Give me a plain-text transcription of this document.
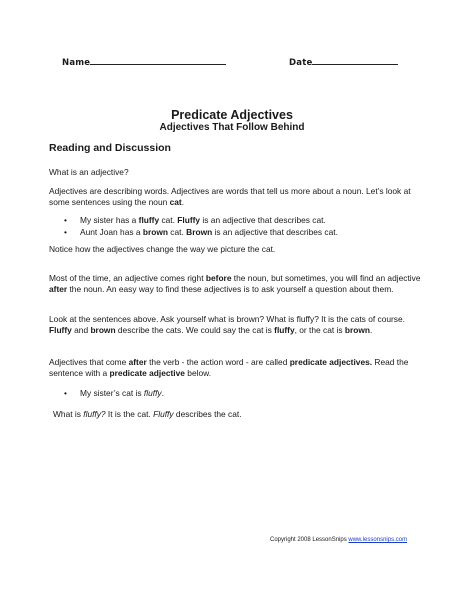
Name	Date
Predicate Adjectives
Adjectives That Follow Behind
Reading and Discussion

What is an adjective?

Adjectives are describing words. Adjectives are words that tell us more about a noun. Let’s look at some sentences using the noun cat.

• My sister has a fluffy cat. Fluffy is an adjective that describes cat.
• Aunt Joan has a brown cat. Brown is an adjective that describes cat.

Notice how the adjectives change the way we picture the cat.

Most of the time, an adjective comes right before the noun, but sometimes, you will find an adjective after the noun. An easy way to find these adjectives is to ask yourself a question about them.

Look at the sentences above. Ask yourself what is brown? What is fluffy? It is the cats of course. Fluffy and brown describe the cats. We could say the cat is fluffy, or the cat is brown.

Adjectives that come after the verb - the action word - are called predicate adjectives. Read the sentence with a predicate adjective below.

• My sister’s cat is fluffy.

What is fluffy? It is the cat. Fluffy describes the cat.

Copyright 2008 LessonSnips www.lessonsnips.com
